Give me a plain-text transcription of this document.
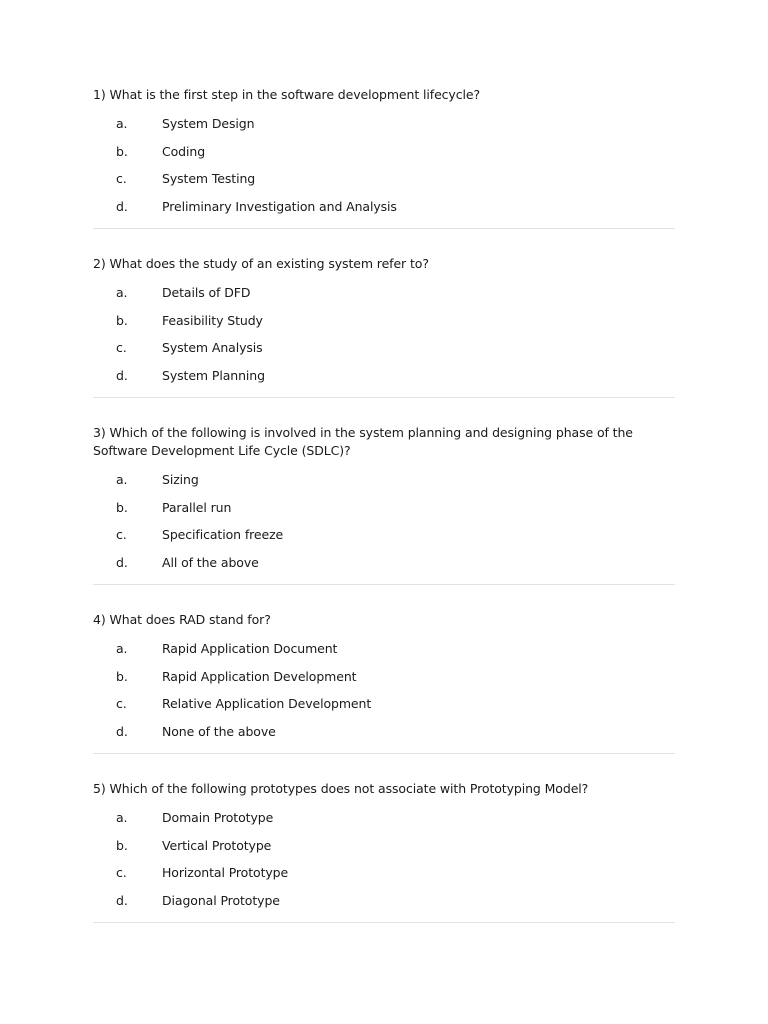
1) What is the first step in the software development lifecycle?

a.	System Design
b.	Coding
c.	System Testing
d.	Preliminary Investigation and Analysis

2) What does the study of an existing system refer to?

a.	Details of DFD
b.	Feasibility Study
c.	System Analysis
d.	System Planning

3) Which of the following is involved in the system planning and designing phase of the Software Development Life Cycle (SDLC)?

a.	Sizing
b.	Parallel run
c.	Specification freeze
d.	All of the above

4) What does RAD stand for?

a.	Rapid Application Document
b.	Rapid Application Development
c.	Relative Application Development
d.	None of the above

5) Which of the following prototypes does not associate with Prototyping Model?

a.	Domain Prototype
b.	Vertical Prototype
c.	Horizontal Prototype
d.	Diagonal Prototype
